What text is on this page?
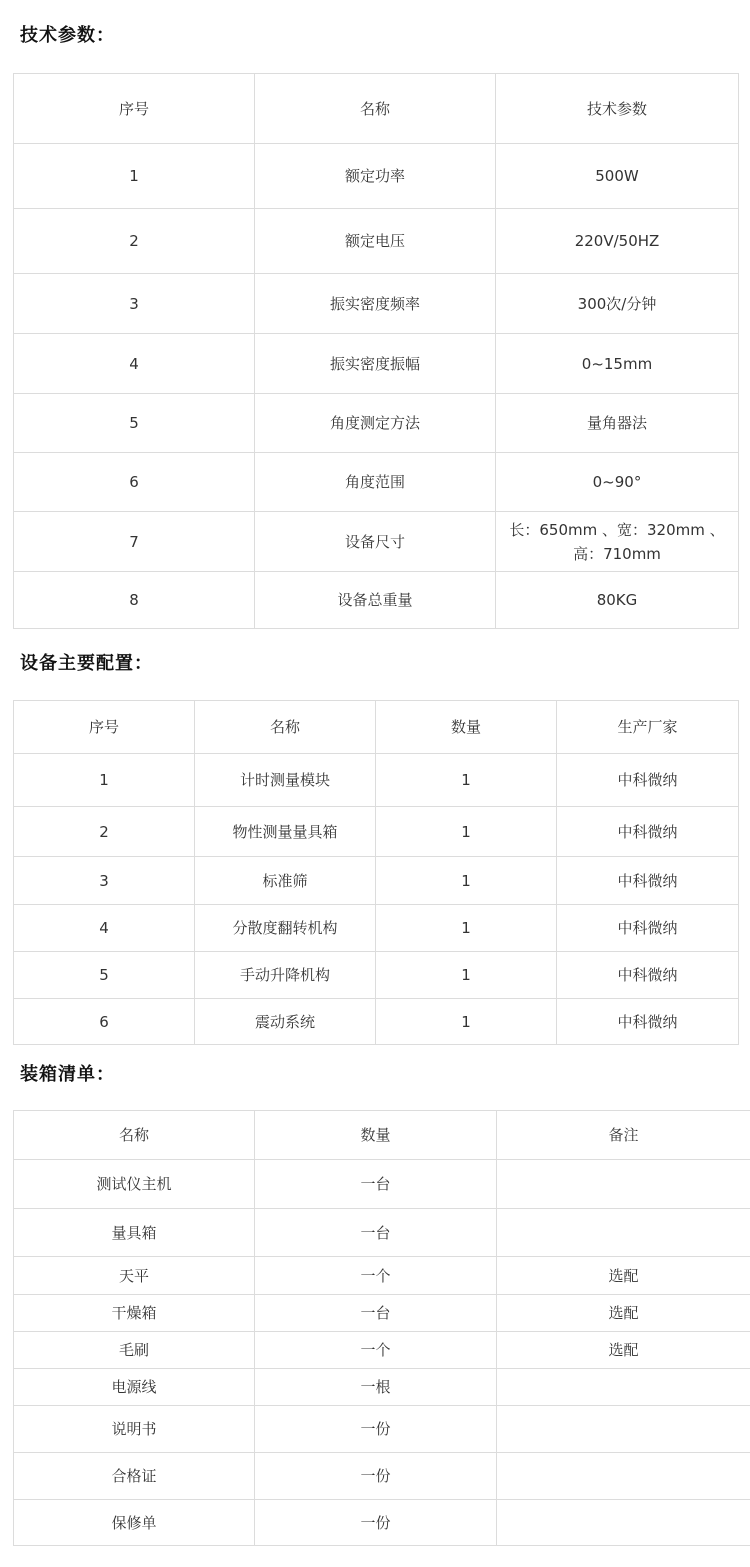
技术参数：
序号	名称	技术参数
1	额定功率	500W
2	额定电压	220V/50HZ
3	振实密度频率	300次/分钟
4	振实密度振幅	0~15mm
5	角度测定方法	量角器法
6	角度范围	0~90°
7	设备尺寸	长：650mm 、宽：320mm 、高：710mm
8	设备总重量	80KG
设备主要配置：
序号	名称	数量	生产厂家
1	计时测量模块	1	中科微纳
2	物性测量量具箱	1	中科微纳
3	标准筛	1	中科微纳
4	分散度翻转机构	1	中科微纳
5	手动升降机构	1	中科微纳
6	震动系统	1	中科微纳
装箱清单：
名称	数量	备注
测试仪主机	一台	
量具箱	一台	
天平	一个	选配
干燥箱	一台	选配
毛刷	一个	选配
电源线	一根	
说明书	一份	
合格证	一份	
保修单	一份	
